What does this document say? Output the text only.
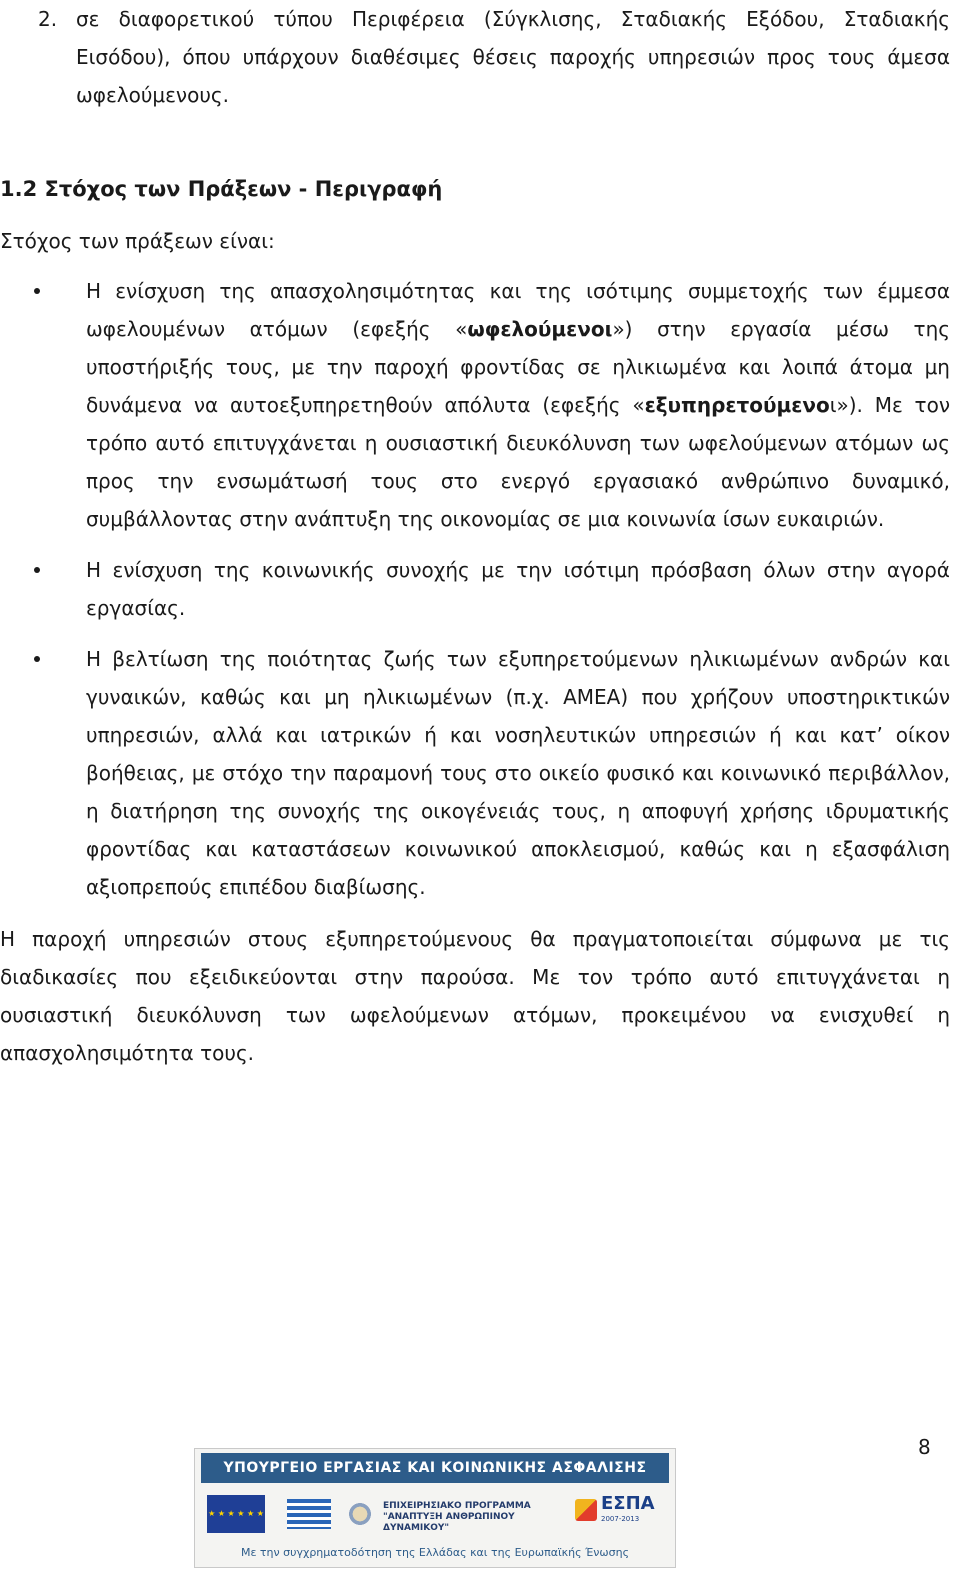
2. σε διαφορετικού τύπου Περιφέρεια (Σύγκλισης, Σταδιακής Εξόδου, Σταδιακής Εισόδου), όπου υπάρχουν διαθέσιμες θέσεις παροχής υπηρεσιών προς τους άμεσα ωφελούμενους.
1.2 Στόχος των Πράξεων - Περιγραφή
Στόχος των πράξεων είναι:
Η ενίσχυση της απασχολησιμότητας και της ισότιμης συμμετοχής των έμμεσα ωφελουμένων ατόμων (εφεξής «ωφελούμενοι») στην εργασία μέσω της υποστήριξής τους, με την παροχή φροντίδας σε ηλικιωμένα και λοιπά άτομα μη δυνάμενα να αυτοεξυπηρετηθούν απόλυτα (εφεξής «εξυπηρετούμενοι»). Με τον τρόπο αυτό επιτυγχάνεται η ουσιαστική διευκόλυνση των ωφελούμενων ατόμων ως προς την ενσωμάτωσή τους στο ενεργό εργασιακό ανθρώπινο δυναμικό, συμβάλλοντας στην ανάπτυξη της οικονομίας σε μια κοινωνία ίσων ευκαιριών.
Η ενίσχυση της κοινωνικής συνοχής με την ισότιμη πρόσβαση όλων στην αγορά εργασίας.
Η βελτίωση της ποιότητας ζωής των εξυπηρετούμενων ηλικιωμένων ανδρών και γυναικών, καθώς και μη ηλικιωμένων (π.χ. ΑΜΕΑ) που χρήζουν υποστηρικτικών υπηρεσιών, αλλά και ιατρικών ή και νοσηλευτικών υπηρεσιών ή και κατ’ οίκον βοήθειας, με στόχο την παραμονή τους στο οικείο φυσικό και κοινωνικό περιβάλλον, η διατήρηση της συνοχής της οικογένειάς τους, η αποφυγή χρήσης ιδρυματικής φροντίδας και καταστάσεων κοινωνικού αποκλεισμού, καθώς και η εξασφάλιση αξιοπρεπούς επιπέδου διαβίωσης.
Η παροχή υπηρεσιών στους εξυπηρετούμενους θα πραγματοποιείται σύμφωνα με τις διαδικασίες που εξειδικεύονται στην παρούσα. Με τον τρόπο αυτό επιτυγχάνεται η ουσιαστική διευκόλυνση των ωφελούμενων ατόμων, προκειμένου να ενισχυθεί η απασχολησιμότητα τους.
8
ΥΠΟΥΡΓΕΙΟ ΕΡΓΑΣΙΑΣ ΚΑΙ ΚΟΙΝΩΝΙΚΗΣ ΑΣΦΑΛΙΣΗΣ
★ ★ ★ ★ ★ ★
ΕΠΙΧΕΙΡΗΣΙΑΚΟ ΠΡΟΓΡΑΜΜΑ
"ΑΝΑΠΤΥΞΗ ΑΝΘΡΩΠΙΝΟΥ ΔΥΝΑΜΙΚΟΥ"
ΕΣΠΑ
2007-2013
Με την συγχρηματοδότηση της Ελλάδας και της Ευρωπαϊκής Ένωσης
